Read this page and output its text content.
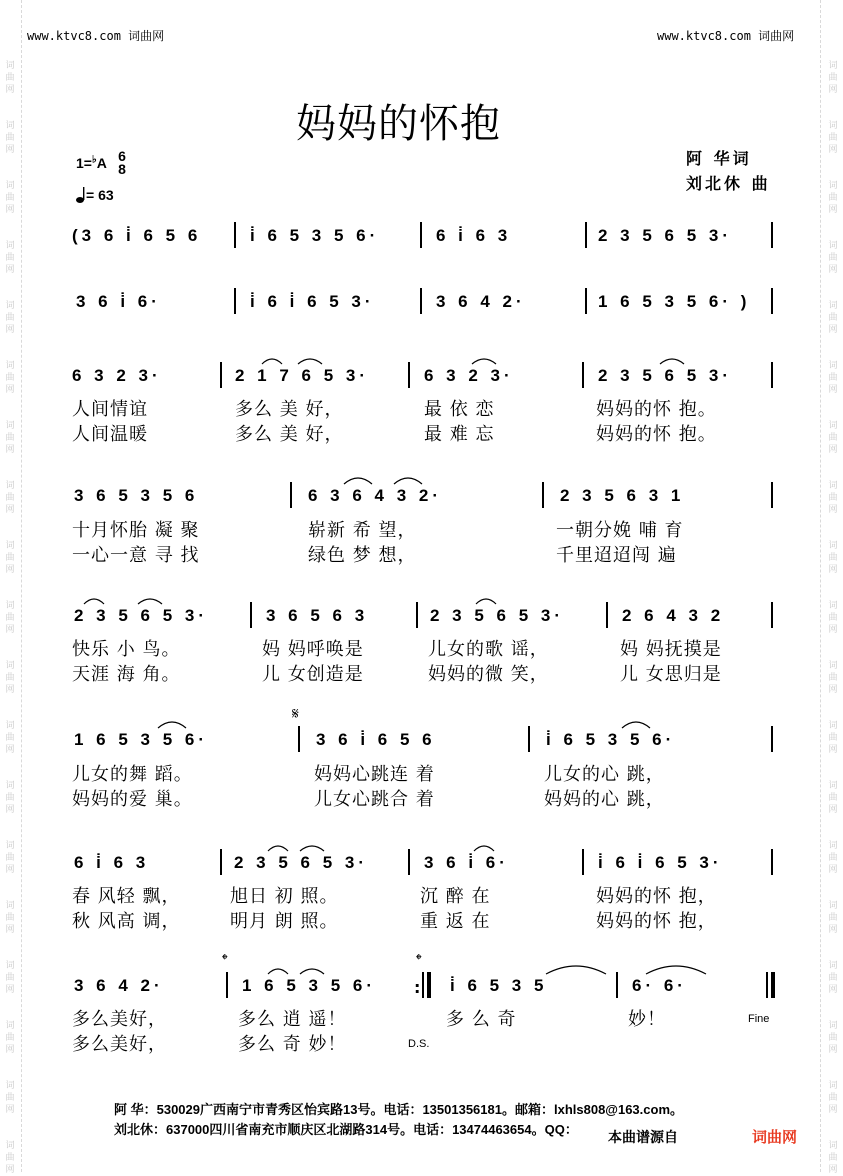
词曲网
词曲网
词曲网
词曲网
词曲网
词曲网
词曲网
词曲网
词曲网
词曲网
词曲网
词曲网
词曲网
词曲网
词曲网
词曲网
词曲网
词曲网
词曲网
词曲网
词曲网
词曲网
词曲网
词曲网
词曲网
词曲网
词曲网
词曲网
词曲网
词曲网
词曲网
词曲网
词曲网
词曲网
词曲网
词曲网
词曲网
词曲网
www.ktvc8.com 词曲网	www.ktvc8.com 词曲网
妈妈的怀抱
1=♭A 6
8
= 63
阿 华词
刘北休 曲
(3 6 i̇ 6 5 6	i̇ 6 5 3 5 6·	6 i̇ 6 3	2 3 5 6 5 3·
3 6 i̇ 6·	i̇ 6 i̇ 6 5 3·	3 6 4 2·	1 6 5 3 5 6· )
6 3 2 3·	2 1 7 6 5 3·	6 3 2 3·	2 3 5 6 5 3·
人间情谊	多么 美 好，	最 依 恋	妈妈的怀 抱。
人间温暖	多么 美 好，	最 难 忘	妈妈的怀 抱。
3 6 5 3 5 6	6 3 6 4 3 2·	2 3 5 6 3 1
十月怀胎 凝 聚	崭新 希 望，	一朝分娩 哺 育
一心一意 寻 找	绿色 梦 想，	千里迢迢闯 遍
2 3 5 6 5 3·	3 6 5 6 3	2 3 5 6 5 3·	2 6 4 3 2
快乐 小 鸟。	妈 妈呼唤是	儿女的歌 谣，	妈 妈抚摸是
天涯 海 角。	儿 女创造是	妈妈的微 笑，	儿 女思归是
𝄋
1 6 5 3 5 6·	3 6 i̇ 6 5 6	i̇ 6 5 3 5 6·
儿女的舞 蹈。	妈妈心跳连 着	儿女的心 跳，
妈妈的爱 巢。	儿女心跳合 着	妈妈的心 跳，
6 i̇ 6 3	2 3 5 6 5 3·	3 6 i̇ 6·	i̇ 6 i̇ 6 5 3·
春 风轻 飘，	旭日 初 照。	沉 醉 在	妈妈的怀 抱，
秋 风高 调，	明月 朗 照。	重 返 在	妈妈的怀 抱，
𝄌	𝄌
3 6 4 2·	1 6 5 3 5 6· : i̇ 6 5 3 5	6· 6·
多么美好，	多么 逍 遥！	多 么 奇	妙！	Fine
多么美好，	多么 奇 妙！	D.S.
阿 华：530029广西南宁市青秀区怡宾路13号。电话：13501356181。邮箱：lxhls808@163.com。
刘北休：637000四川省南充市顺庆区北湖路314号。电话：13474463654。QQ： 本曲谱源自	词曲网
